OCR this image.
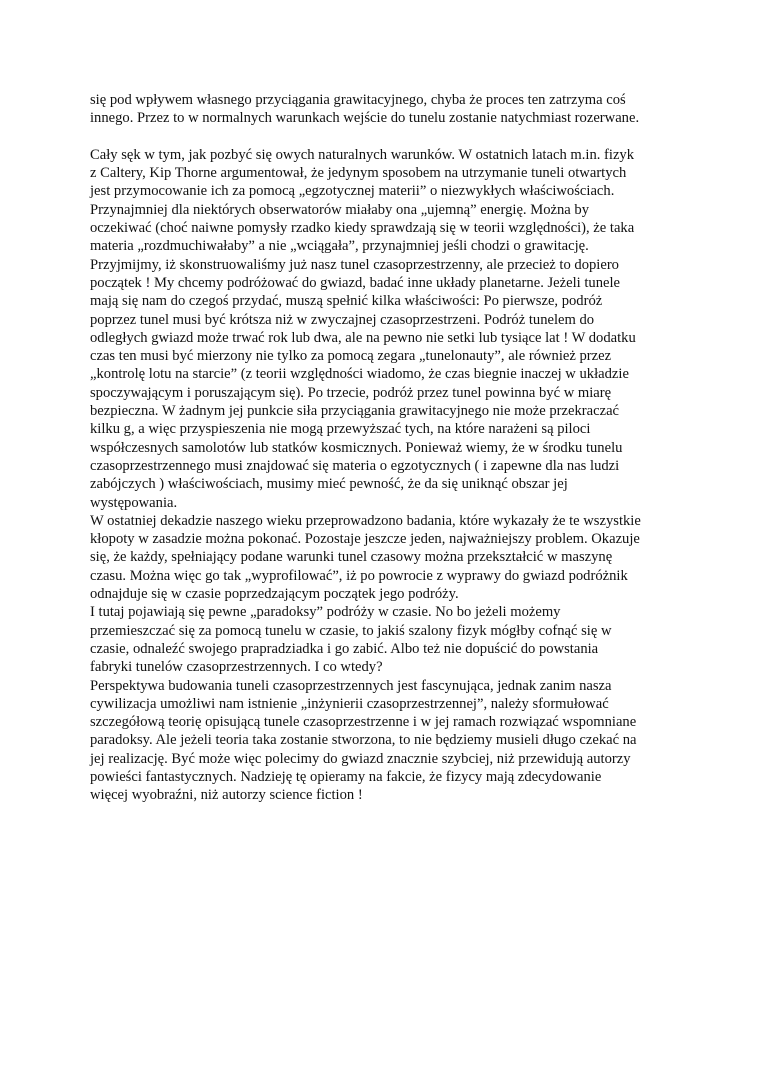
się pod wpływem własnego przyciągania grawitacyjnego, chyba że proces ten zatrzyma coś
innego. Przez to w normalnych warunkach wejście do tunelu zostanie natychmiast rozerwane.
Cały sęk w tym, jak pozbyć się owych naturalnych warunków. W ostatnich latach m.in. fizyk
z Caltery, Kip Thorne argumentował, że jedynym sposobem na utrzymanie tuneli otwartych
jest przymocowanie ich za pomocą „egzotycznej materii” o niezwykłych właściwościach.
Przynajmniej dla niektórych obserwatorów miałaby ona „ujemną” energię. Można by
oczekiwać (choć naiwne pomysły rzadko kiedy sprawdzają się w teorii względności), że taka
materia „rozdmuchiwałaby” a nie „wciągała”, przynajmniej jeśli chodzi o grawitację.
Przyjmijmy, iż skonstruowaliśmy już nasz tunel czasoprzestrzenny, ale przecież to dopiero
początek ! My chcemy podróżować do gwiazd, badać inne układy planetarne. Jeżeli tunele
mają się nam do czegoś przydać, muszą spełnić kilka właściwości: Po pierwsze, podróż
poprzez tunel musi być krótsza niż w zwyczajnej czasoprzestrzeni. Podróż tunelem do
odległych gwiazd może trwać rok lub dwa, ale na pewno nie setki lub tysiące lat ! W dodatku
czas ten musi być mierzony nie tylko za pomocą zegara „tunelonauty”, ale również przez
„kontrolę lotu na starcie” (z teorii względności wiadomo, że czas biegnie inaczej w układzie
spoczywającym i poruszającym się). Po trzecie, podróż przez tunel powinna być w miarę
bezpieczna. W żadnym jej punkcie siła przyciągania grawitacyjnego nie może przekraczać
kilku g, a więc przyspieszenia nie mogą przewyższać tych, na które narażeni są piloci
współczesnych samolotów lub statków kosmicznych. Ponieważ wiemy, że w środku tunelu
czasoprzestrzennego musi znajdować się materia o egzotycznych ( i zapewne dla nas ludzi
zabójczych ) właściwościach, musimy mieć pewność, że da się uniknąć obszar jej
występowania.
W ostatniej dekadzie naszego wieku przeprowadzono badania, które wykazały że te wszystkie
kłopoty w zasadzie można pokonać. Pozostaje jeszcze jeden, najważniejszy problem. Okazuje
się, że każdy, spełniający podane warunki tunel czasowy można przekształcić w maszynę
czasu. Można więc go tak „wyprofilować”, iż po powrocie z wyprawy do gwiazd podróżnik
odnajduje się w czasie poprzedzającym początek jego podróży.
I tutaj pojawiają się pewne „paradoksy” podróży w czasie. No bo jeżeli możemy
przemieszczać się za pomocą tunelu w czasie, to jakiś szalony fizyk mógłby cofnąć się w
czasie, odnaleźć swojego prapradziadka i go zabić. Albo też nie dopuścić do powstania
fabryki tunelów czasoprzestrzennych. I co wtedy?
Perspektywa budowania tuneli czasoprzestrzennych jest fascynująca, jednak zanim nasza
cywilizacja umożliwi nam istnienie „inżynierii czasoprzestrzennej”, należy sformułować
szczegółową teorię opisującą tunele czasoprzestrzenne i w jej ramach rozwiązać wspomniane
paradoksy. Ale jeżeli teoria taka zostanie stworzona, to nie będziemy musieli długo czekać na
jej realizację. Być może więc polecimy do gwiazd znacznie szybciej, niż przewidują autorzy
powieści fantastycznych. Nadzieję tę opieramy na fakcie, że fizycy mają zdecydowanie
więcej wyobraźni, niż autorzy science fiction !
